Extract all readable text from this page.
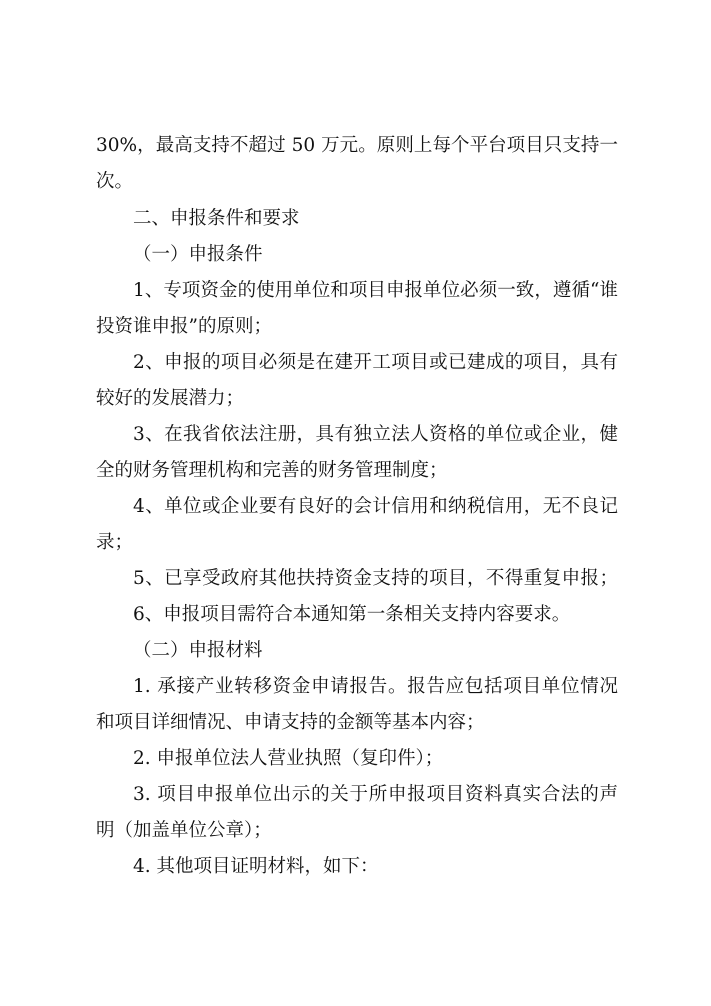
30%，最高支持不超过 50 万元。原则上每个平台项目只支持一
次。
二、申报条件和要求
（一）申报条件
1、专项资金的使用单位和项目申报单位必须一致，遵循“谁
投资谁申报”的原则；
2、申报的项目必须是在建开工项目或已建成的项目，具有
较好的发展潜力；
3、在我省依法注册，具有独立法人资格的单位或企业，健
全的财务管理机构和完善的财务管理制度；
4、单位或企业要有良好的会计信用和纳税信用，无不良记
录；
5、已享受政府其他扶持资金支持的项目，不得重复申报；
6、申报项目需符合本通知第一条相关支持内容要求。
（二）申报材料
1. 承接产业转移资金申请报告。报告应包括项目单位情况
和项目详细情况、申请支持的金额等基本内容；
2. 申报单位法人营业执照（复印件）；
3. 项目申报单位出示的关于所申报项目资料真实合法的声
明（加盖单位公章）；
4. 其他项目证明材料，如下：
